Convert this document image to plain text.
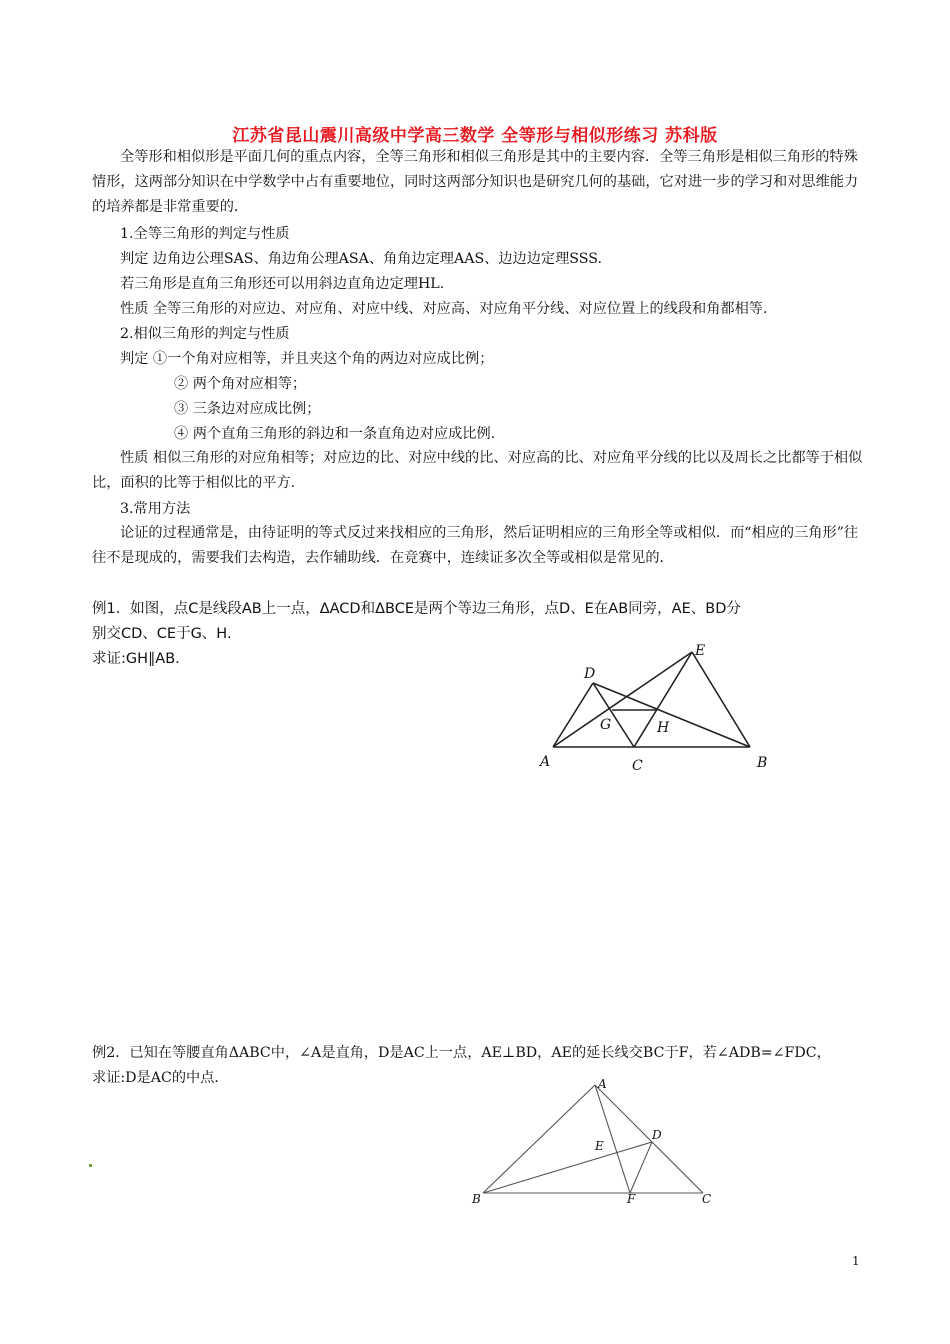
江苏省昆山震川高级中学高三数学 全等形与相似形练习 苏科版
全等形和相似形是平面几何的重点内容，全等三角形和相似三角形是其中的主要内容．全等三角形是相似三角形的特殊情形，这两部分知识在中学数学中占有重要地位，同时这两部分知识也是研究几何的基础，它对进一步的学习和对思维能力的培养都是非常重要的．
1.全等三角形的判定与性质
判定 边角边公理SAS、角边角公理ASA、角角边定理AAS、边边边定理SSS.
若三角形是直角三角形还可以用斜边直角边定理HL.
性质 全等三角形的对应边、对应角、对应中线、对应高、对应角平分线、对应位置上的线段和角都相等.
2.相似三角形的判定与性质
判定 ①一个角对应相等，并且夹这个角的两边对应成比例；
② 两个角对应相等；
③ 三条边对应成比例；
④ 两个直角三角形的斜边和一条直角边对应成比例.
性质 相似三角形的对应角相等；对应边的比、对应中线的比、对应高的比、对应角平分线的比以及周长之比都等于相似比，面积的比等于相似比的平方.
3.常用方法
论证的过程通常是，由待证明的等式反过来找相应的三角形，然后证明相应的三角形全等或相似．而“相应的三角形”往往不是现成的，需要我们去构造，去作辅助线．在竞赛中，连续证多次全等或相似是常见的．
例1．如图，点C是线段AB上一点，ΔACD和ΔBCE是两个等边三角形，点D、E在AB同旁，AE、BD分
别交CD、CE于G、H.
求证:GH∥AB.
A	C	B
D
E
G	H
例2．已知在等腰直角ΔABC中，∠A是直角，D是AC上一点，AE⊥BD，AE的延长线交BC于F，若∠ADB=∠FDC，
求证:D是AC的中点．	A
D
E
B	F	C
1
